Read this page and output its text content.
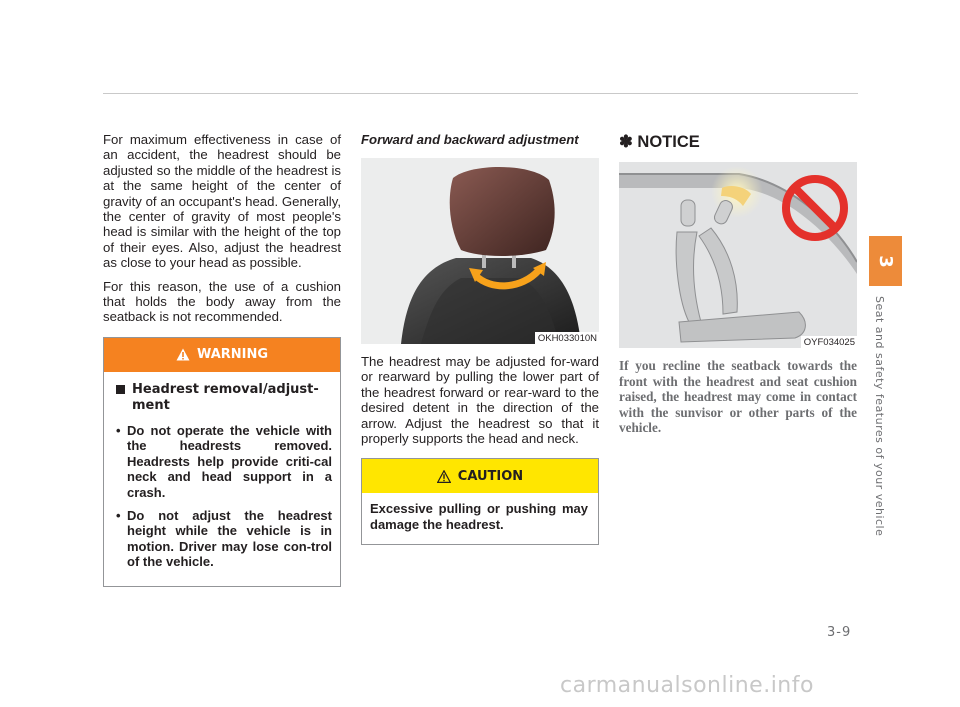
For maximum effectiveness in case of an accident, the headrest should be adjusted so the middle of the headrest is at the same height of the center of gravity of an occupant's head. Generally, the center of gravity of most people's head is similar with the height of the top of their eyes. Also, adjust the headrest as close to your head as possible.

For this reason, the use of a cushion that holds the body away from the seatback is not recommended.

WARNING
Headrest removal/adjust-ment
• Do not operate the vehicle with the headrests removed. Headrests help provide criti-cal neck and head support in a crash.
• Do not adjust the headrest height while the vehicle is in motion. Driver may lose con-trol of the vehicle.
Forward and backward adjustment
OKH033010N

The headrest may be adjusted for-ward or rearward by pulling the lower part of the headrest forward or rear-ward to the desired detent in the direction of the arrow. Adjust the headrest so that it properly supports the head and neck.

CAUTION
Excessive pulling or pushing may damage the headrest.
✽ NOTICE
OYF034025

If you recline the seatback towards the front with the headrest and seat cushion raised, the headrest may come in contact with the sunvisor or other parts of the vehicle.

3
Seat and safety features of your vehicle
3-9
carmanualsonline.info
